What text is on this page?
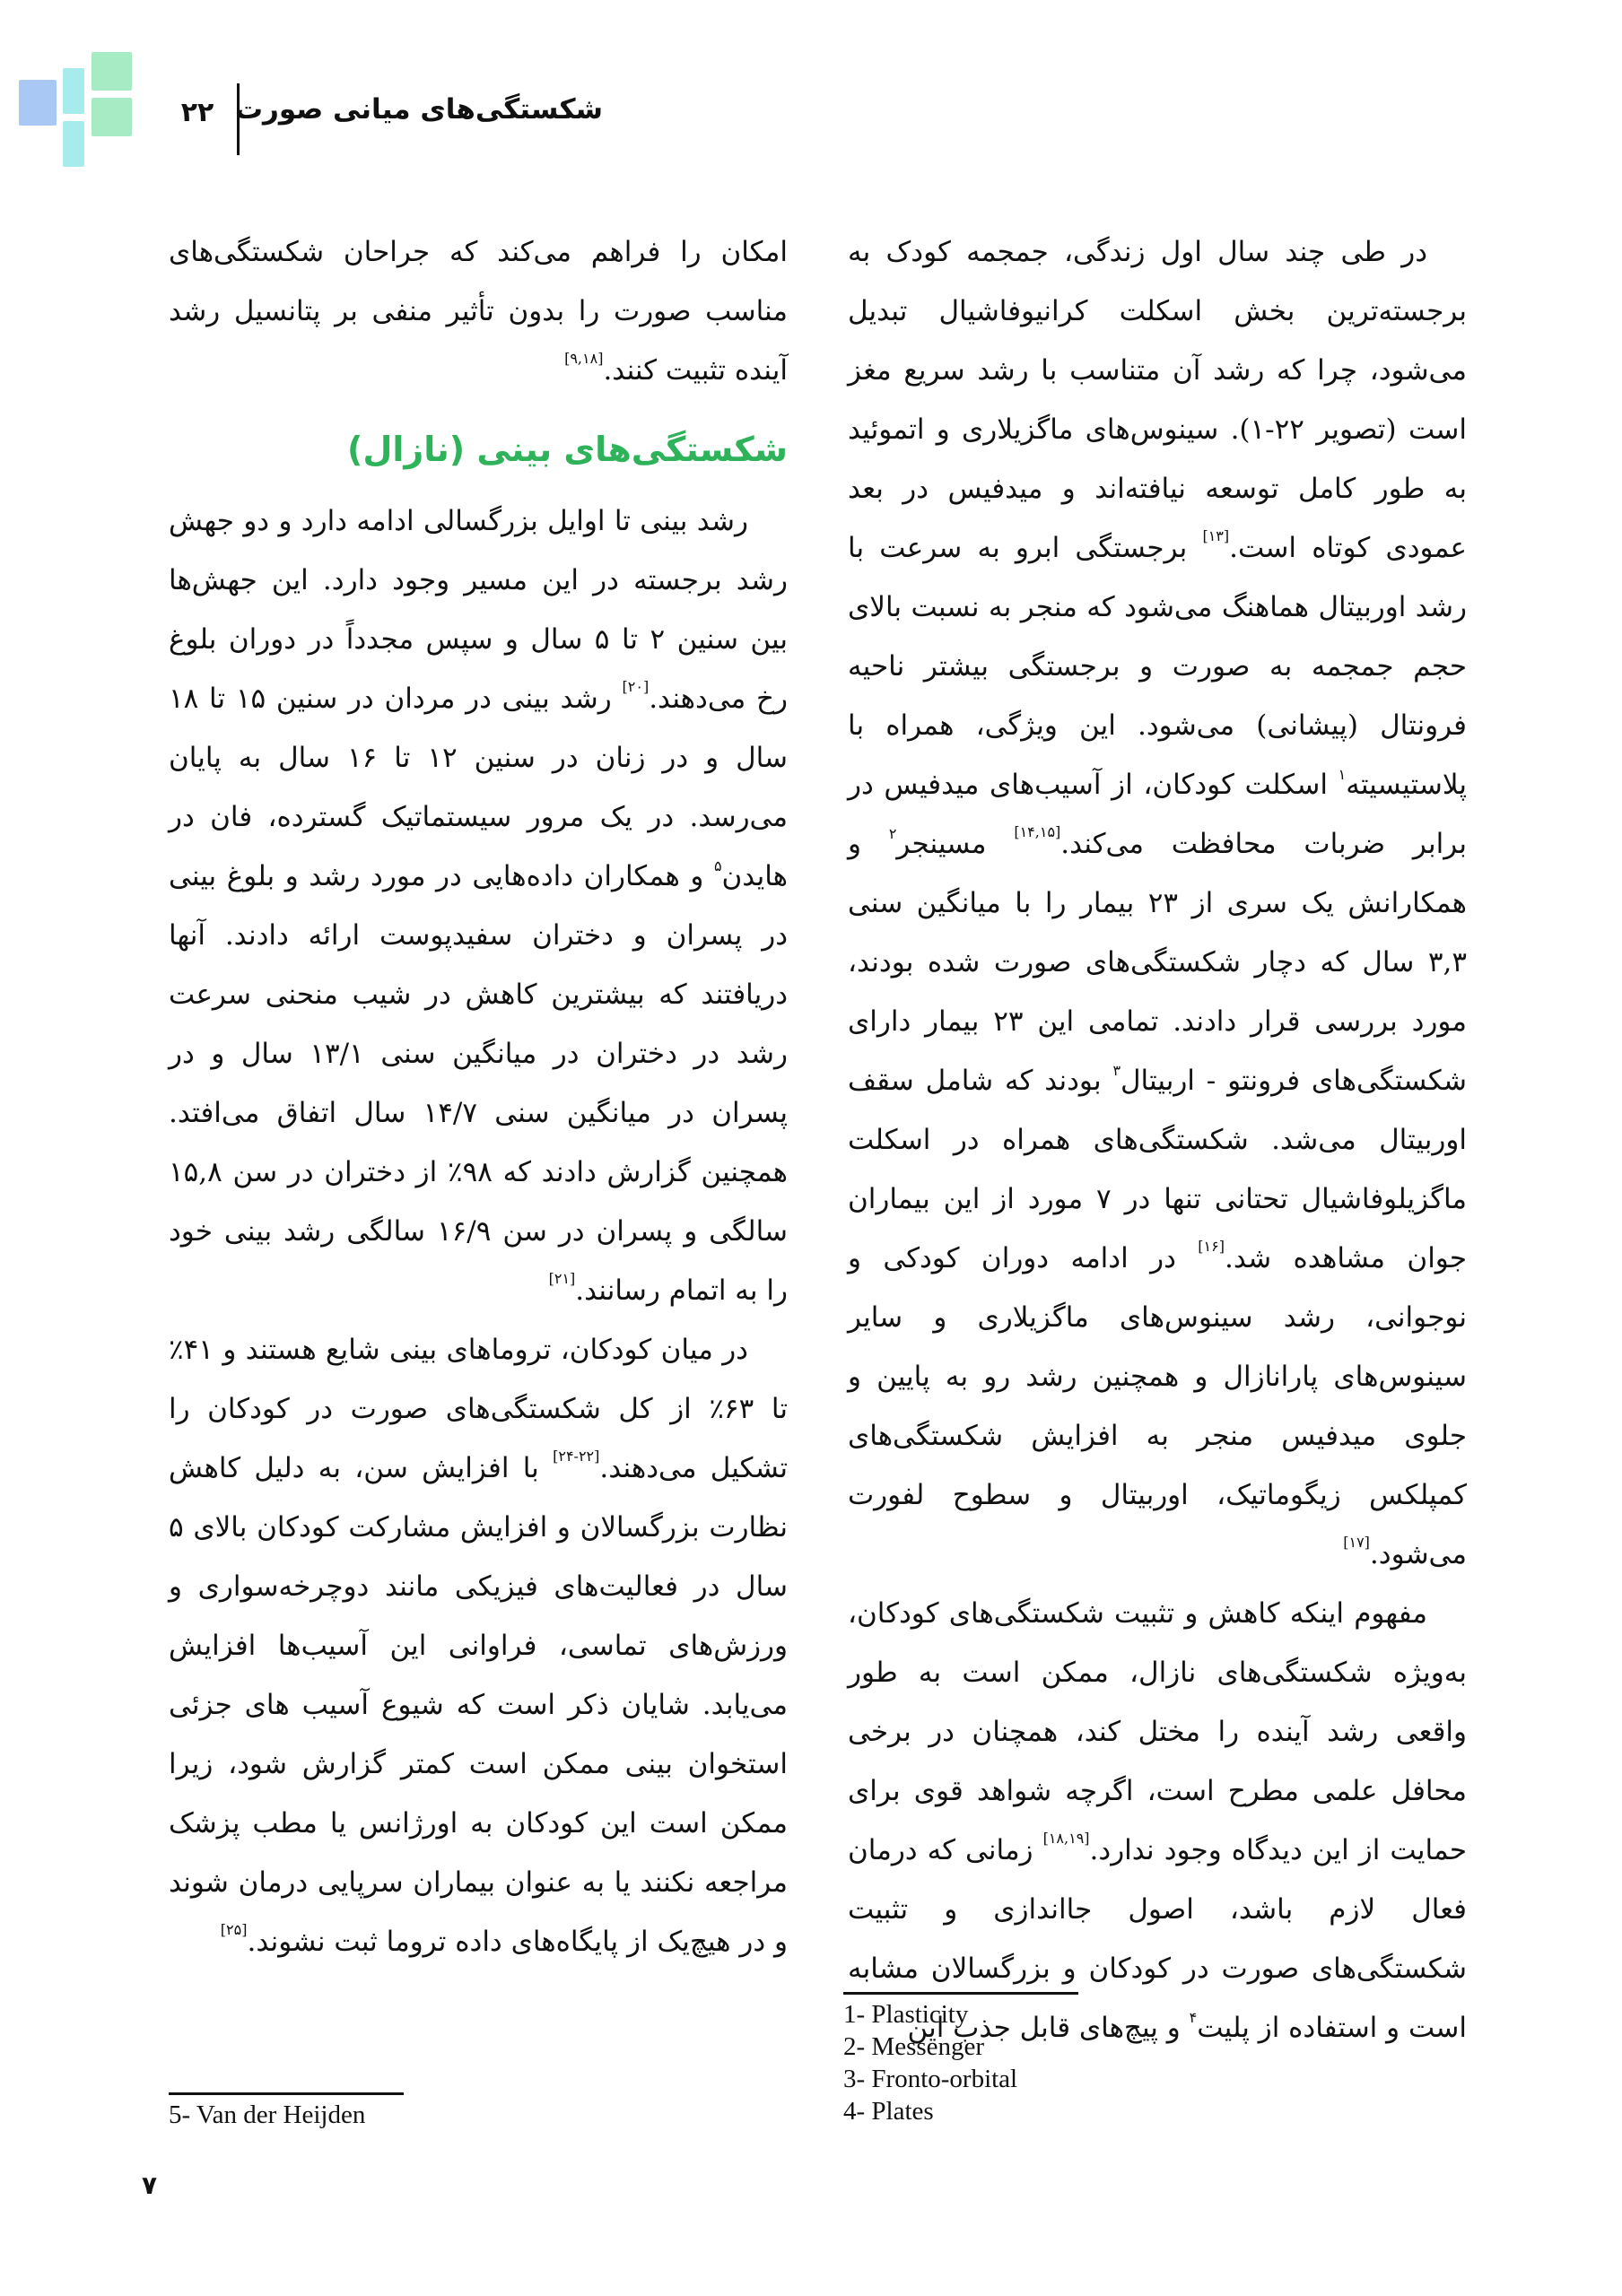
۲۲ شکستگی‌های میانی صورت

در طی چند سال اول زندگی، جمجمه کودک به برجسته‌ترین بخش اسکلت کرانیوفاشیال تبدیل می‌شود، چرا که رشد آن متناسب با رشد سریع مغز است (تصویر ۲۲-۱). سینوس‌های ماگزیلاری و اتموئید به طور کامل توسعه نیافته‌اند و میدفیس در بعد عمودی کوتاه است.[۱۳] برجستگی ابرو به سرعت با رشد اوربیتال هماهنگ می‌شود که منجر به نسبت بالای حجم جمجمه به صورت و برجستگی بیشتر ناحیه فرونتال (پیشانی) می‌شود. این ویژگی، همراه با پلاستیسیته$^۱$ اسکلت کودکان، از آسیب‌های میدفیس در برابر ضربات محافظت می‌کند.[۱۴,۱۵] مسینجر$^۲$ و همکارانش یک سری از ۲۳ بیمار را با میانگین سنی ۳,۳ سال که دچار شکستگی‌های صورت شده بودند، مورد بررسی قرار دادند. تمامی این ۲۳ بیمار دارای شکستگی‌های فرونتو - اربیتال$^۳$ بودند که شامل سقف اوربیتال می‌شد. شکستگی‌های همراه در اسکلت ماگزیلوفاشیال تحتانی تنها در ۷ مورد از این بیماران جوان مشاهده شد.[۱۶] در ادامه دوران کودکی و نوجوانی، رشد سینوس‌های ماگزیلاری و سایر سینوس‌های پارانازال و همچنین رشد رو به پایین و جلوی میدفیس منجر به افزایش شکستگی‌های کمپلکس زیگوماتیک، اوربیتال و سطوح لفورت می‌شود.[۱۷]

مفهوم اینکه کاهش و تثبیت شکستگی‌های کودکان، به‌ویژه شکستگی‌های نازال، ممکن است به طور واقعی رشد آینده را مختل کند، همچنان در برخی محافل علمی مطرح است، اگرچه شواهد قوی برای حمایت از این دیدگاه وجود ندارد.[۱۸,۱۹] زمانی که درمان فعال لازم باشد، اصول جااندازی و تثبیت شکستگی‌های صورت در کودکان و بزرگسالان مشابه است و استفاده از پلیت$^۴$ و پیچ‌های قابل جذب این

1- Plasticity
2- Messenger
3- Fronto-orbital
4- Plates

امکان را فراهم می‌کند که جراحان شکستگی‌های مناسب صورت را بدون تأثیر منفی بر پتانسیل رشد آینده تثبیت کنند.[۹,۱۸]

شکستگی‌های بینی (نازال)

رشد بینی تا اوایل بزرگسالی ادامه دارد و دو جهش رشد برجسته در این مسیر وجود دارد. این جهش‌ها بین سنین ۲ تا ۵ سال و سپس مجدداً در دوران بلوغ رخ می‌دهند.[۲۰] رشد بینی در مردان در سنین ۱۵ تا ۱۸ سال و در زنان در سنین ۱۲ تا ۱۶ سال به پایان می‌رسد. در یک مرور سیستماتیک گسترده، فان در هایدن$^۵$ و همکاران داده‌هایی در مورد رشد و بلوغ بینی در پسران و دختران سفیدپوست ارائه دادند. آنها دریافتند که بیشترین کاهش در شیب منحنی سرعت رشد در دختران در میانگین سنی ۱۳/۱ سال و در پسران در میانگین سنی ۱۴/۷ سال اتفاق می‌افتد. همچنین گزارش دادند که ۹۸٪ از دختران در سن ۱۵,۸ سالگی و پسران در سن ۱۶/۹ سالگی رشد بینی خود را به اتمام رسانند.[۲۱]

در میان کودکان، تروماهای بینی شایع هستند و ۴۱٪ تا ۶۳٪ از کل شکستگی‌های صورت در کودکان را تشکیل می‌دهند.[۲۲-۲۴] با افزایش سن، به دلیل کاهش نظارت بزرگسالان و افزایش مشارکت کودکان بالای ۵ سال در فعالیت‌های فیزیکی مانند دوچرخه‌سواری و ورزش‌های تماسی، فراوانی این آسیب‌ها افزایش می‌یابد. شایان ذکر است که شیوع آسیب های جزئی استخوان بینی ممکن است کمتر گزارش شود، زیرا ممکن است این کودکان به اورژانس یا مطب پزشک مراجعه نکنند یا به عنوان بیماران سرپایی درمان شوند و در هیچ‌یک از پایگاه‌های داده تروما ثبت نشوند.[۲۵]

5- Van der Heijden
۷
